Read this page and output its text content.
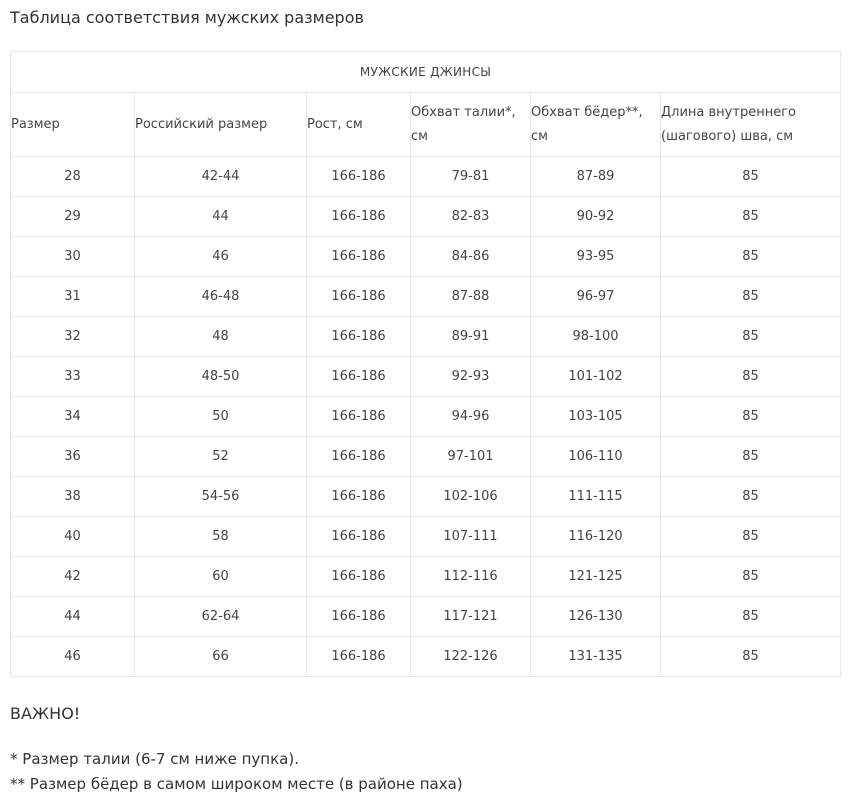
Таблица соответствия мужских размеров
МУЖСКИЕ ДЖИНСЫ					
Размер	Российский размер	Рост, см	Обхват талии*, см	Обхват бёдер**, см	Длина внутреннего (шагового) шва, см
28	42-44	166-186	79-81	87-89	85
29	44	166-186	82-83	90-92	85
30	46	166-186	84-86	93-95	85
31	46-48	166-186	87-88	96-97	85
32	48	166-186	89-91	98-100	85
33	48-50	166-186	92-93	101-102	85
34	50	166-186	94-96	103-105	85
36	52	166-186	97-101	106-110	85
38	54-56	166-186	102-106	111-115	85
40	58	166-186	107-111	116-120	85
42	60	166-186	112-116	121-125	85
44	62-64	166-186	117-121	126-130	85
46	66	166-186	122-126	131-135	85

ВАЖНО!

* Размер талии (6-7 см ниже пупка).

** Размер бёдер в самом широком месте (в районе паха)
